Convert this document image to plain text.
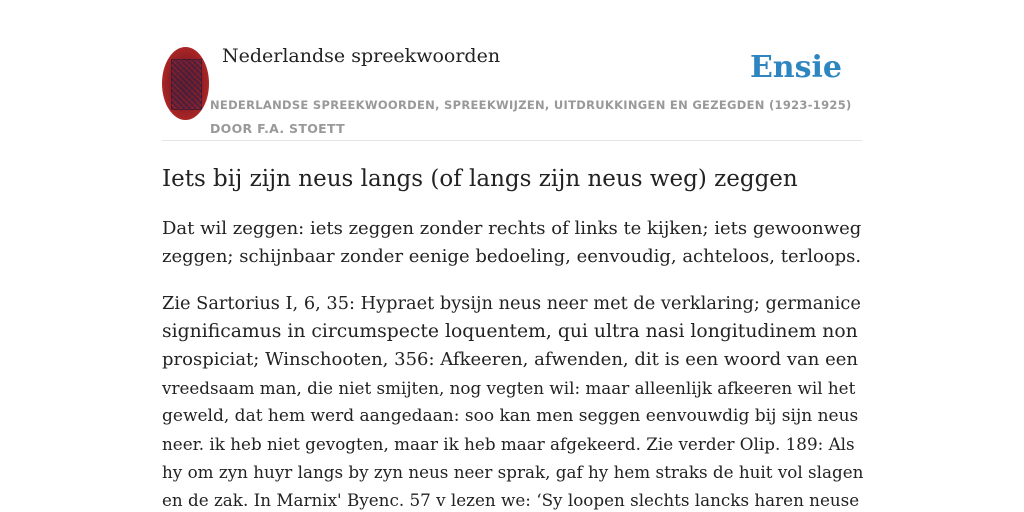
Nederlandse spreekwoorden	Ensie
NEDERLANDSE SPREEKWOORDEN, SPREEKWIJZEN, UITDRUKKINGEN EN GEZEGDEN (1923-1925)
DOOR F.A. STOETT
Iets bij zijn neus langs (of langs zijn neus weg) zeggen

Dat wil zeggen: iets zeggen zonder rechts of links te kijken; iets gewoonweg
zeggen; schijnbaar zonder eenige bedoeling, eenvoudig, achteloos, terloops.

Zie Sartorius I, 6, 35: Hypraet bysijn neus neer met de verklaring; germanice
significamus in circumspecte loquentem, qui ultra nasi longitudinem non
prospiciat; Winschooten, 356: Afkeeren, afwenden, dit is een woord van een
vreedsaam man, die niet smijten, nog vegten wil: maar alleenlijk afkeeren wil het
geweld, dat hem werd aangedaan: soo kan men seggen eenvouwdig bij sijn neus
neer. ik heb niet gevogten, maar ik heb maar afgekeerd. Zie verder Olip. 189: Als
hy om zyn huyr langs by zyn neus neer sprak, gaf hy hem straks de huit vol slagen
en de zak. In Marnix' Byenc. 57 v lezen we: ‘Sy loopen slechts lancks haren neuse
